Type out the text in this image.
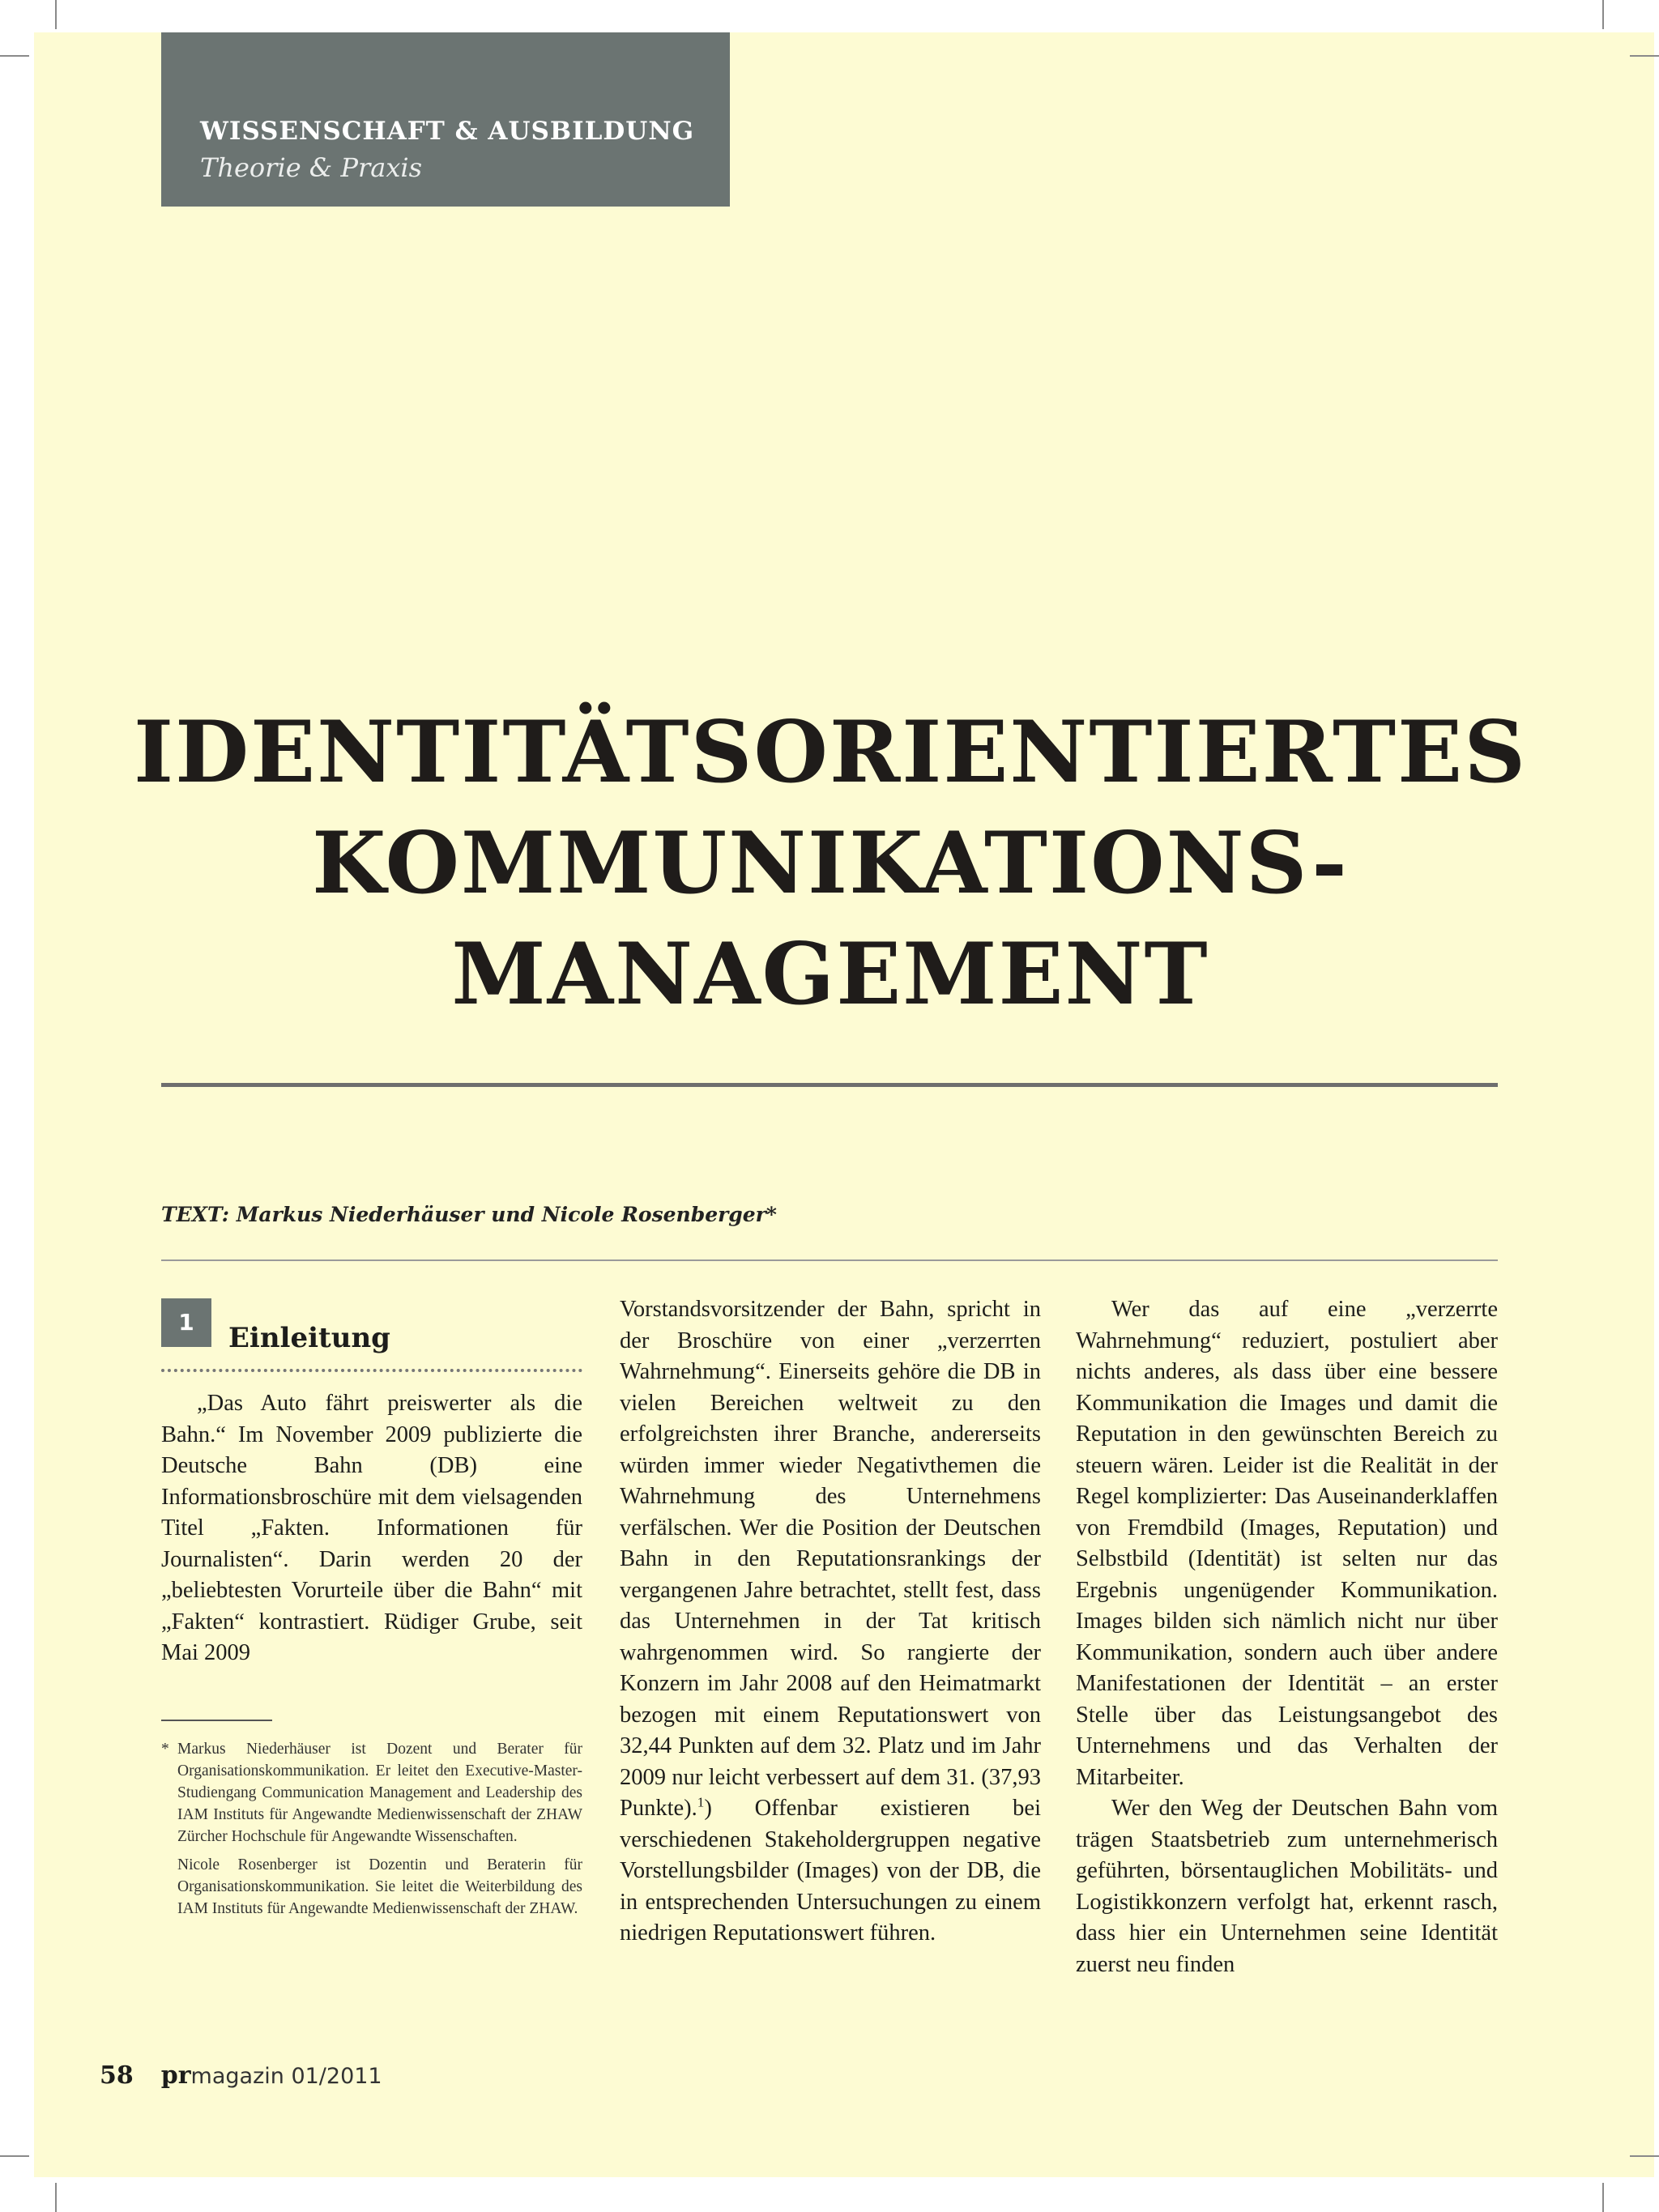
WISSENSCHAFT & AUSBILDUNG
Theorie & Praxis
IDENTITÄTSORIENTIERTES
KOMMUNIKATIONS-
MANAGEMENT
TEXT: Markus Niederhäuser und Nicole Rosenberger*
1	Einleitung

„Das Auto fährt preiswerter als die Bahn.“ Im November 2009 publizierte die Deutsche Bahn (DB) eine Informationsbroschüre mit dem vielsagenden Titel „Fakten. Informationen für Journalisten“. Darin werden 20 der „beliebtesten Vorurteile über die Bahn“ mit „Fakten“ kontrastiert. Rüdiger Grube, seit Mai 2009

Vorstandsvorsitzender der Bahn, spricht in der Broschüre von einer „verzerrten Wahrnehmung“. Einerseits gehöre die DB in vielen Bereichen weltweit zu den erfolgreichsten ihrer Branche, andererseits würden immer wieder Negativthemen die Wahrnehmung des Unternehmens verfälschen. Wer die Position der Deutschen Bahn in den Reputationsrankings der vergangenen Jahre betrachtet, stellt fest, dass das Unternehmen in der Tat kritisch wahrgenommen wird. So rangierte der Konzern im Jahr 2008 auf den Heimatmarkt bezogen mit einem Reputationswert von 32,44 Punkten auf dem 32. Platz und im Jahr 2009 nur leicht verbessert auf dem 31. (37,93 Punkte).$^1$) Offenbar existieren bei verschiedenen Stakeholdergruppen negative Vorstellungsbilder (Images) von der DB, die in entsprechenden Untersuchungen zu einem niedrigen Reputationswert führen.

Wer das auf eine „verzerrte Wahrnehmung“ reduziert, postuliert aber nichts anderes, als dass über eine bessere Kommunikation die Images und damit die Reputation in den gewünschten Bereich zu steuern wären. Leider ist die Realität in der Regel komplizierter: Das Auseinanderklaffen von Fremdbild (Images, Reputation) und Selbstbild (Identität) ist selten nur das Ergebnis ungenügender Kommunikation. Images bilden sich nämlich nicht nur über Kommunikation, sondern auch über andere Manifestationen der Identität – an erster Stelle über das Leistungsangebot des Unternehmens und das Verhalten der Mitarbeiter.

Wer den Weg der Deutschen Bahn vom trägen Staatsbetrieb zum unternehmerisch geführten, börsentauglichen Mobilitäts- und Logistikkonzern verfolgt hat, erkennt rasch, dass hier ein Unternehmen seine Identität zuerst neu finden

* Markus Niederhäuser ist Dozent und Berater für Organisationskommunikation. Er leitet den Executive-Master-Studiengang Communication Management and Leadership des IAM Instituts für Angewandte Medienwissenschaft der ZHAW Zürcher Hochschule für Angewandte Wissenschaften.

Nicole Rosenberger ist Dozentin und Beraterin für Organisationskommunikation. Sie leitet die Weiterbildung des IAM Instituts für Angewandte Medienwissenschaft der ZHAW.

58 prmagazin 01/2011
